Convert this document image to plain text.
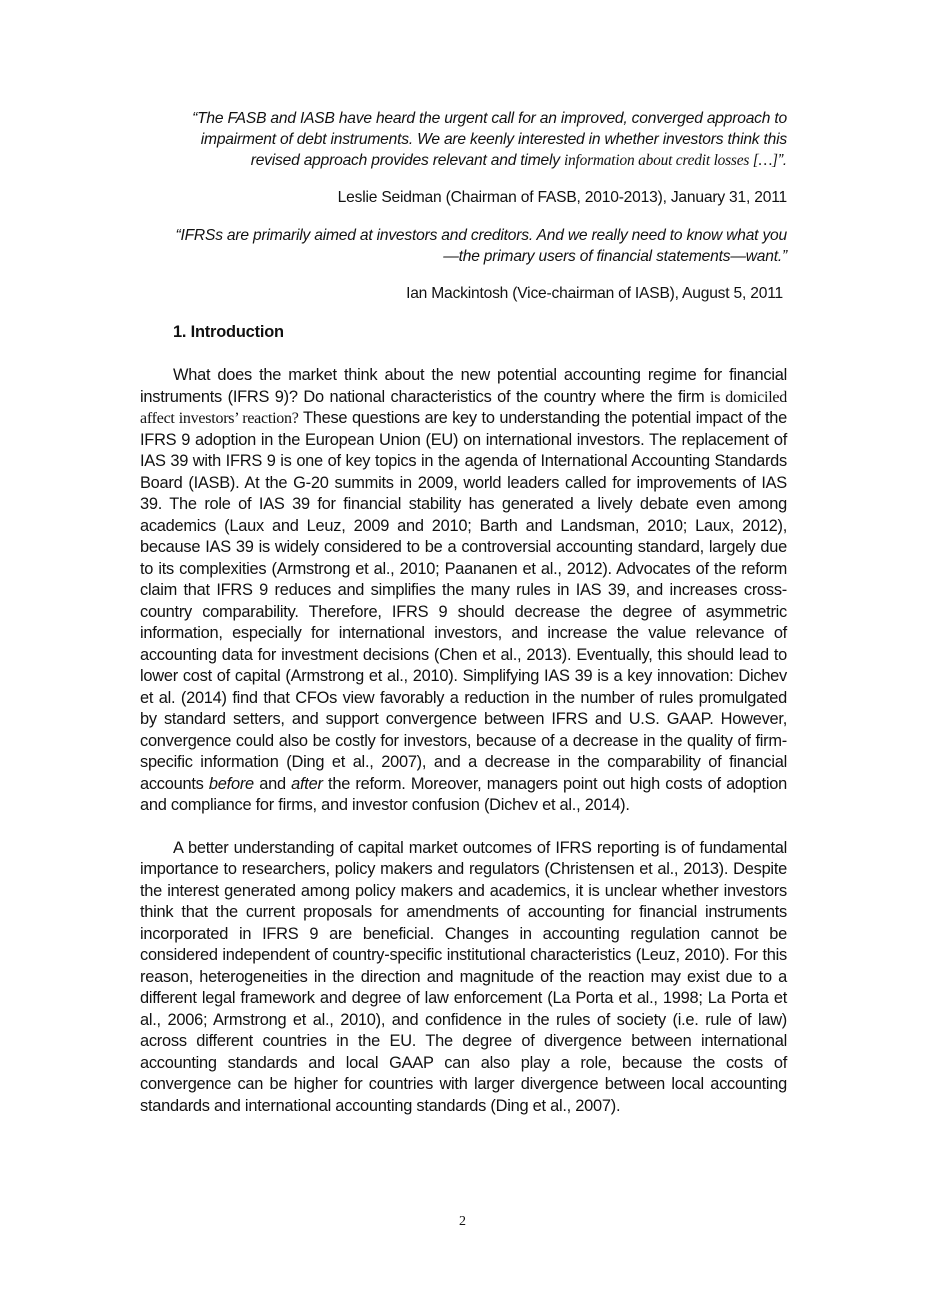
“The FASB and IASB have heard the urgent call for an improved, converged approach to impairment of debt instruments. We are keenly interested in whether investors think this revised approach provides relevant and timely information about credit losses […]”.

Leslie Seidman (Chairman of FASB, 2010-2013), January 31, 2011

“IFRSs are primarily aimed at investors and creditors. And we really need to know what you—the primary users of financial statements—want.”

Ian Mackintosh (Vice-chairman of IASB), August 5, 2011

1. Introduction

What does the market think about the new potential accounting regime for financial instruments (IFRS 9)? Do national characteristics of the country where the firm is domiciled affect investors’ reaction? These questions are key to understanding the potential impact of the IFRS 9 adoption in the European Union (EU) on international investors. The replacement of IAS 39 with IFRS 9 is one of key topics in the agenda of International Accounting Standards Board (IASB). At the G-20 summits in 2009, world leaders called for improvements of IAS 39. The role of IAS 39 for financial stability has generated a lively debate even among academics (Laux and Leuz, 2009 and 2010; Barth and Landsman, 2010; Laux, 2012), because IAS 39 is widely considered to be a controversial accounting standard, largely due to its complexities (Armstrong et al., 2010; Paananen et al., 2012). Advocates of the reform claim that IFRS 9 reduces and simplifies the many rules in IAS 39, and increases cross-country comparability. Therefore, IFRS 9 should decrease the degree of asymmetric information, especially for international investors, and increase the value relevance of accounting data for investment decisions (Chen et al., 2013). Eventually, this should lead to lower cost of capital (Armstrong et al., 2010). Simplifying IAS 39 is a key innovation: Dichev et al. (2014) find that CFOs view favorably a reduction in the number of rules promulgated by standard setters, and support convergence between IFRS and U.S. GAAP. However, convergence could also be costly for investors, because of a decrease in the quality of firm-specific information (Ding et al., 2007), and a decrease in the comparability of financial accounts before and after the reform. Moreover, managers point out high costs of adoption and compliance for firms, and investor confusion (Dichev et al., 2014).

A better understanding of capital market outcomes of IFRS reporting is of fundamental importance to researchers, policy makers and regulators (Christensen et al., 2013). Despite the interest generated among policy makers and academics, it is unclear whether investors think that the current proposals for amendments of accounting for financial instruments incorporated in IFRS 9 are beneficial. Changes in accounting regulation cannot be considered independent of country-specific institutional characteristics (Leuz, 2010). For this reason, heterogeneities in the direction and magnitude of the reaction may exist due to a different legal framework and degree of law enforcement (La Porta et al., 1998; La Porta et al., 2006; Armstrong et al., 2010), and confidence in the rules of society (i.e. rule of law) across different countries in the EU. The degree of divergence between international accounting standards and local GAAP can also play a role, because the costs of convergence can be higher for countries with larger divergence between local accounting standards and international accounting standards (Ding et al., 2007).

2
